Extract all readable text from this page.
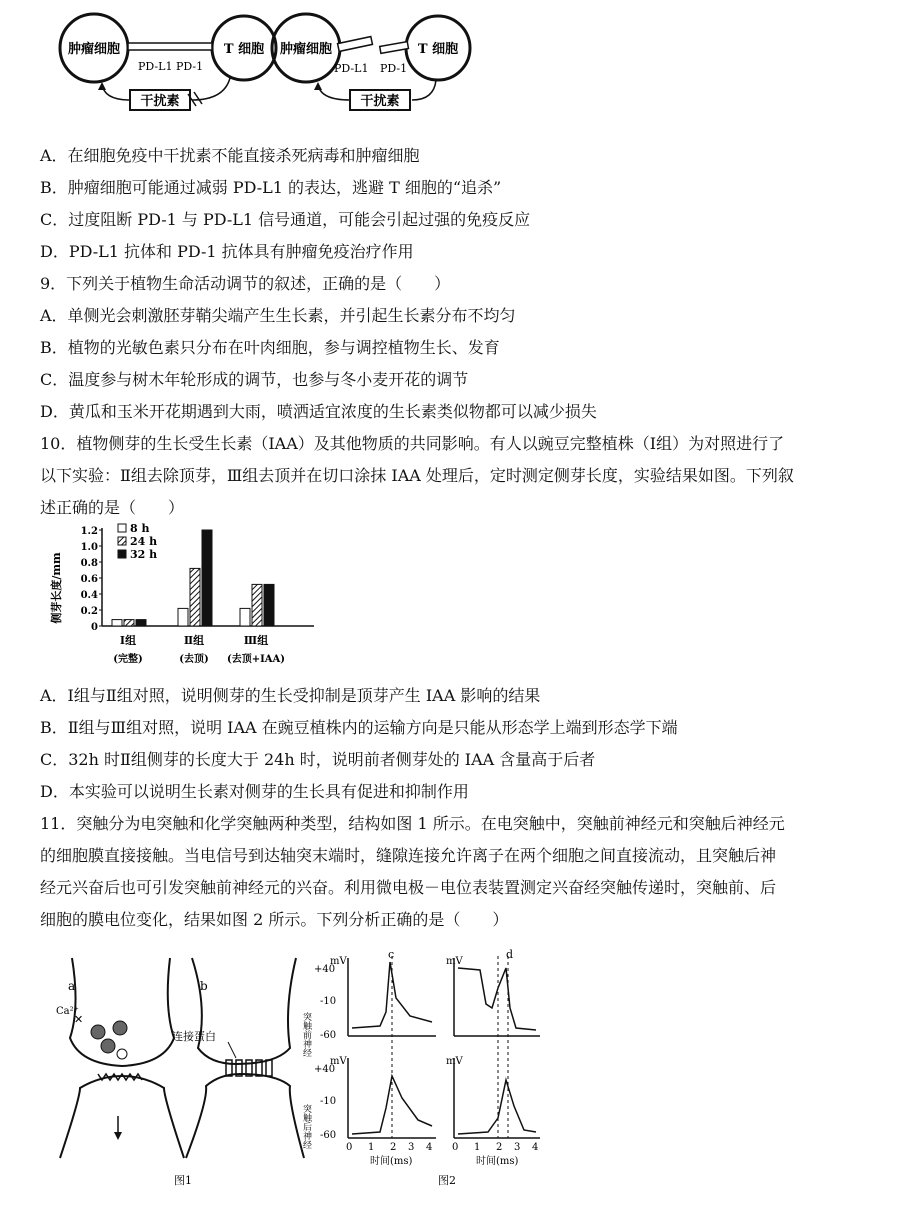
肿瘤细胞	T 细胞
PD-L1 PD-1
干扰素
肿瘤细胞	T 细胞
PD-L1 PD-1
干扰素
A．在细胞免疫中干扰素不能直接杀死病毒和肿瘤细胞
B．肿瘤细胞可能通过减弱 PD-L1 的表达，逃避 T 细胞的“追杀”
C．过度阻断 PD-1 与 PD-L1 信号通道，可能会引起过强的免疫反应
D．PD-L1 抗体和 PD-1 抗体具有肿瘤免疫治疗作用
9．下列关于植物生命活动调节的叙述，正确的是（　　）
A．单侧光会刺激胚芽鞘尖端产生生长素，并引起生长素分布不均匀
B．植物的光敏色素只分布在叶肉细胞，参与调控植物生长、发育
C．温度参与树木年轮形成的调节，也参与冬小麦开花的调节
D．黄瓜和玉米开花期遇到大雨，喷洒适宜浓度的生长素类似物都可以减少损失
10．植物侧芽的生长受生长素（IAA）及其他物质的共同影响。有人以豌豆完整植株（Ⅰ组）为对照进行了
以下实验：Ⅱ组去除顶芽，Ⅲ组去顶并在切口涂抹 IAA 处理后，定时测定侧芽长度，实验结果如图。下列叙
述正确的是（　　）
侧芽长度/mm
1.2
1.0
0.8
0.6
0.4
0.2
0
8 h
24 h
32 h
Ⅰ组
(完整)
Ⅱ组
(去顶)
Ⅲ组
(去顶+IAA)
A．Ⅰ组与Ⅱ组对照，说明侧芽的生长受抑制是顶芽产生 IAA 影响的结果
B．Ⅱ组与Ⅲ组对照，说明 IAA 在豌豆植株内的运输方向是只能从形态学上端到形态学下端
C．32h 时Ⅱ组侧芽的长度大于 24h 时，说明前者侧芽处的 IAA 含量高于后者
D．本实验可以说明生长素对侧芽的生长具有促进和抑制作用
11．突触分为电突触和化学突触两种类型，结构如图 1 所示。在电突触中，突触前神经元和突触后神经元
的细胞膜直接接触。当电信号到达轴突末端时，缝隙连接允许离子在两个细胞之间直接流动，且突触后神
经元兴奋后也可引发突触前神经元的兴奋。利用微电极－电位表装置测定兴奋经突触传递时，突触前、后
细胞的膜电位变化，结果如图 2 所示。下列分析正确的是（　　）
a
Ca²⁺
✕
图1
b
连接蛋白
mV	mV
mV	mV
突触前神经
突触后神经
+40
-10
-60
+40
-10
-60
c	d
0 1 2 3 4 0 1 2 3 4
时间(ms)	时间(ms)
图2
